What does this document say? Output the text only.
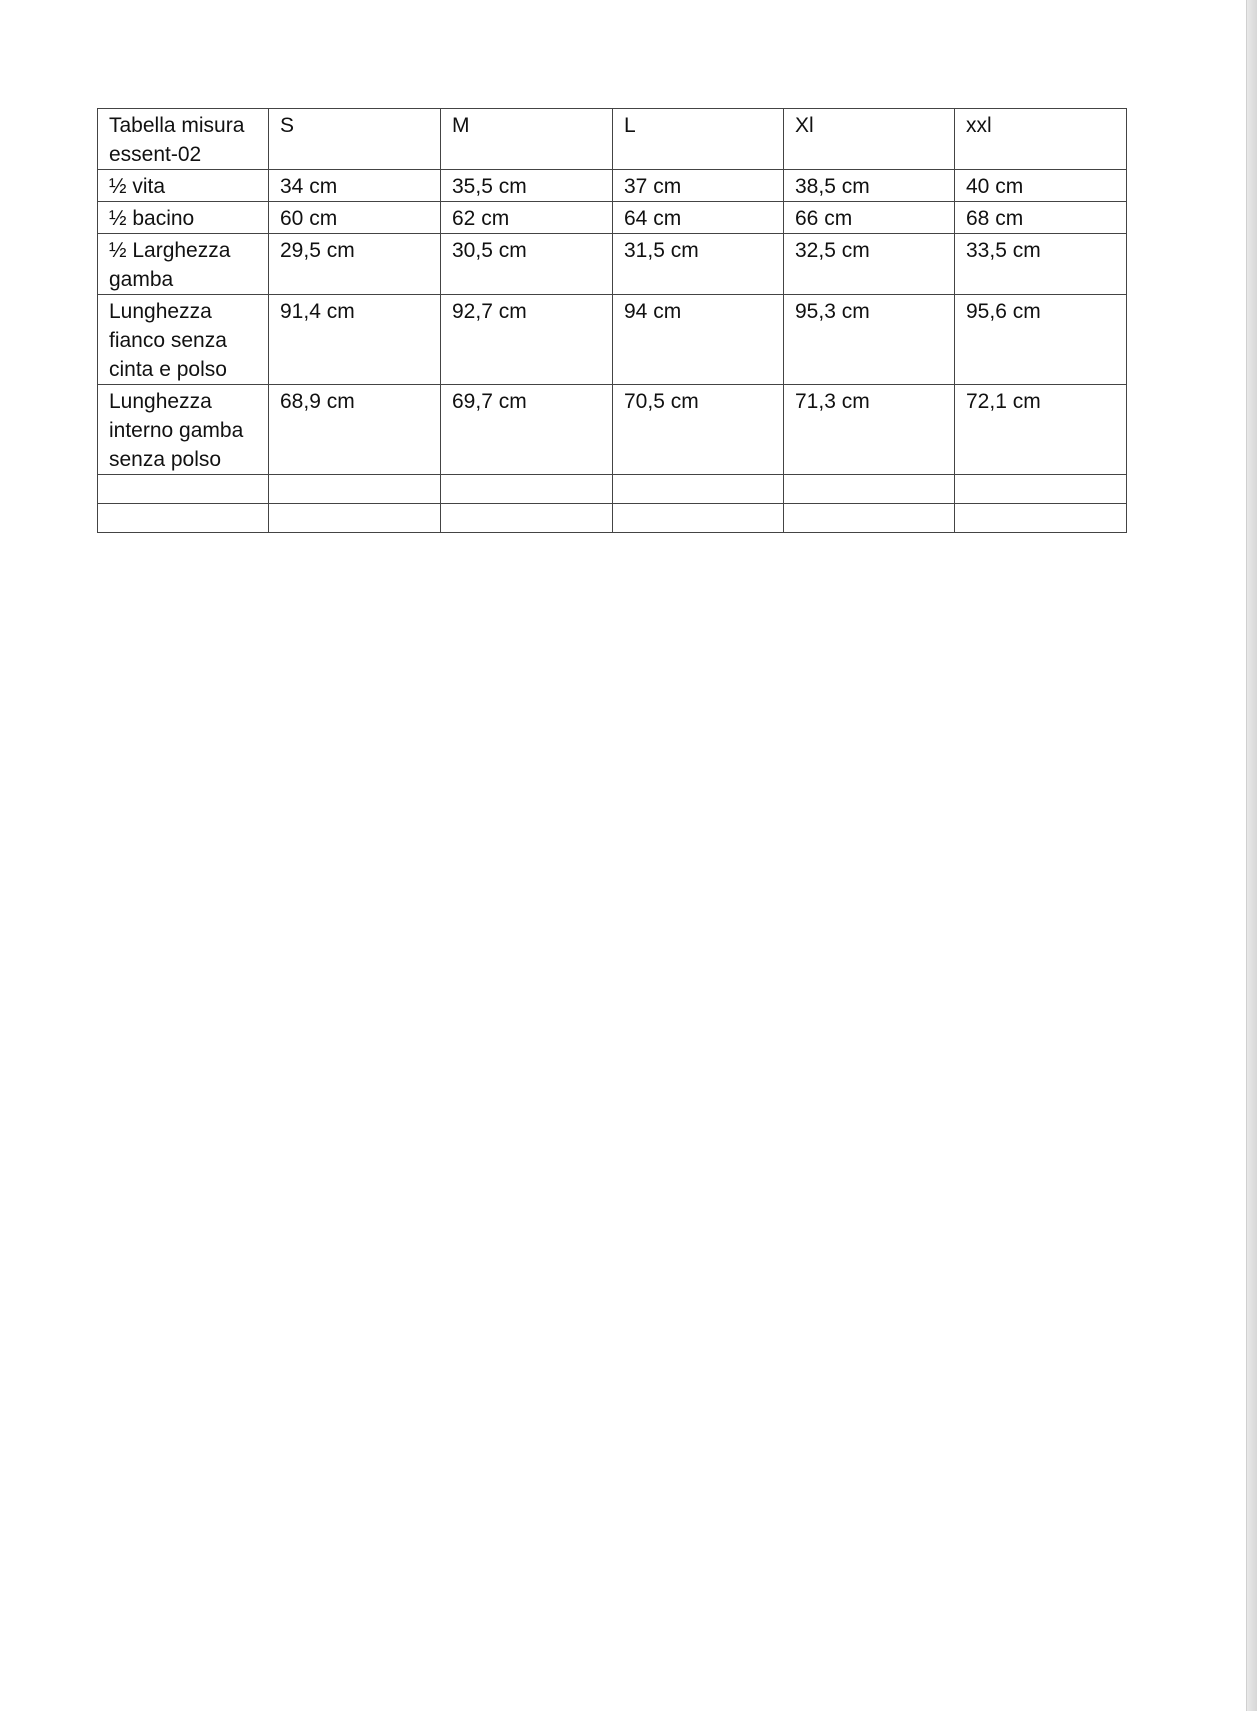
Tabella misura essent-02	S	M	L	Xl	xxl
½ vita	34 cm	35,5 cm	37 cm	38,5 cm	40 cm
½ bacino	60 cm	62 cm	64 cm	66 cm	68 cm
½ Larghezza gamba	29,5 cm	30,5 cm	31,5 cm	32,5 cm	33,5 cm
Lunghezza fianco senza cinta e polso	91,4 cm	92,7 cm	94 cm	95,3 cm	95,6 cm
Lunghezza interno gamba senza polso	68,9 cm	69,7 cm	70,5 cm	71,3 cm	72,1 cm
